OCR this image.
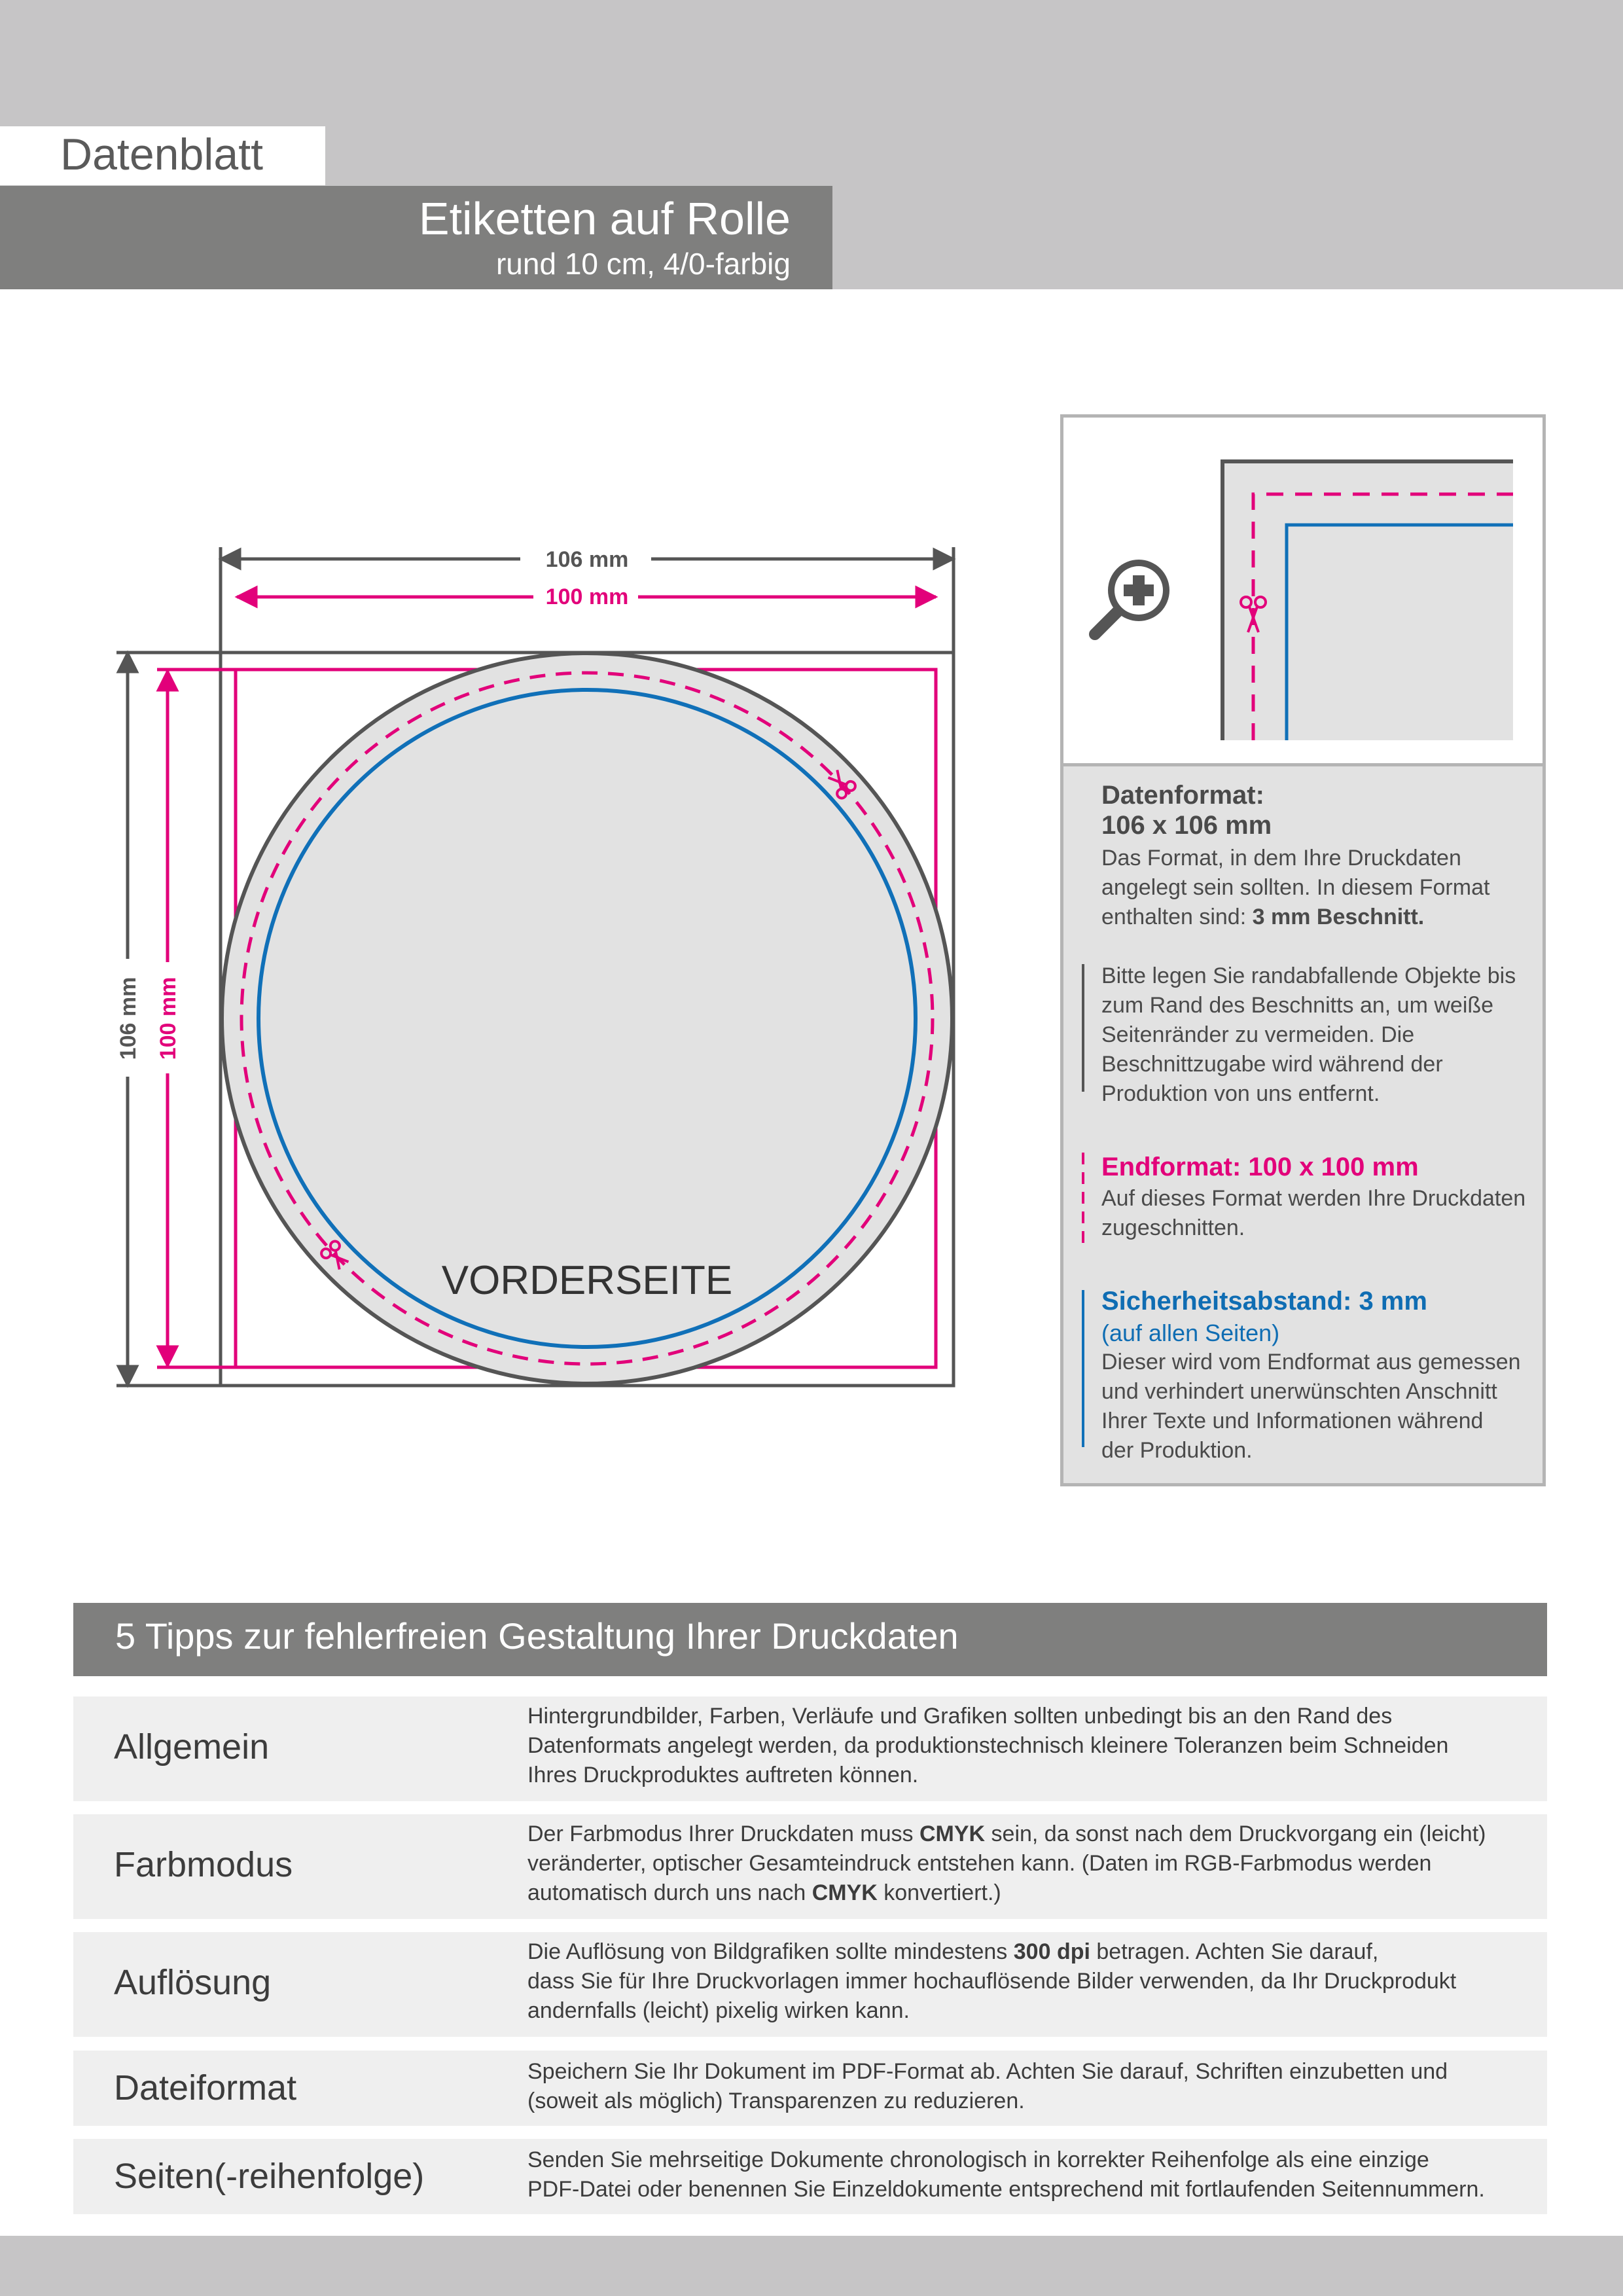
Datenblatt
Etiketten auf Rolle
rund 10 cm, 4/0-farbig
106 mm
100 mm
106 mm 100 mm
VORDERSEITE
Datenformat:
106 x 106 mm
Das Format, in dem Ihre Druckdaten
angelegt sein sollten. In diesem Format
enthalten sind: 3 mm Beschnitt.
Bitte legen Sie randabfallende Objekte bis
zum Rand des Beschnitts an, um weiße
Seitenränder zu vermeiden. Die
Beschnittzugabe wird während der
Produktion von uns entfernt.
Endformat: 100 x 100 mm
Auf dieses Format werden Ihre Druckdaten
zugeschnitten.
Sicherheitsabstand: 3 mm
(auf allen Seiten)
Dieser wird vom Endformat aus gemessen
und verhindert unerwünschten Anschnitt
Ihrer Texte und Informationen während
der Produktion.
5 Tipps zur fehlerfreien Gestaltung Ihrer Druckdaten
Allgemein
Hintergrundbilder, Farben, Verläufe und Grafiken sollten unbedingt bis an den Rand des
Datenformats angelegt werden, da produktionstechnisch kleinere Toleranzen beim Schneiden
Ihres Druckproduktes auftreten können.
Farbmodus
Der Farbmodus Ihrer Druckdaten muss CMYK sein, da sonst nach dem Druckvorgang ein (leicht)
veränderter, optischer Gesamteindruck entstehen kann. (Daten im RGB-Farbmodus werden
automatisch durch uns nach CMYK konvertiert.)
Auflösung
Die Auflösung von Bildgrafiken sollte mindestens 300 dpi betragen. Achten Sie darauf,
dass Sie für Ihre Druckvorlagen immer hochauflösende Bilder verwenden, da Ihr Druckprodukt
andernfalls (leicht) pixelig wirken kann.
Dateiformat	Speichern Sie Ihr Dokument im PDF-Format ab. Achten Sie darauf, Schriften einzubetten und
(soweit als möglich) Transparenzen zu reduzieren.
Seiten(-reihenfolge)	Senden Sie mehrseitige Dokumente chronologisch in korrekter Reihenfolge als eine einzige
PDF-Datei oder benennen Sie Einzeldokumente entsprechend mit fortlaufenden Seitennummern.
